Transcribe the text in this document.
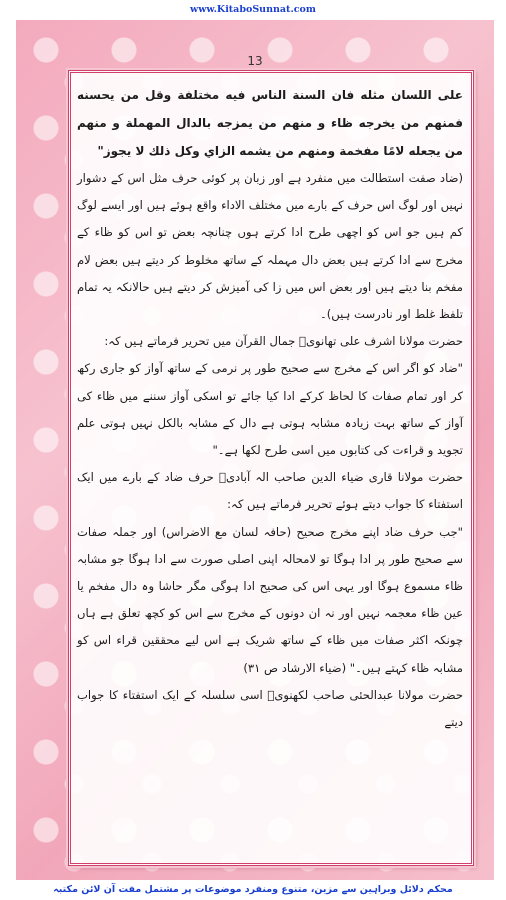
www.KitaboSunnat.com
13

على اللسان مثله فان السنة الناس فيه مختلفة وقل من يحسنه فمنهم من يخرجه ظاء و منهم من يمزجه بالدال المهملة و منهم من يجعله لامًا مفخمة ومنهم من يشمه الزاي وكل ذلك لا يجوز"

(ضاد صفت استطالت میں منفرد ہے اور زبان پر کوئی حرف مثل اس کے دشوار نہیں اور لوگ اس حرف کے بارے میں مختلف الاداء واقع ہوئے ہیں اور ایسے لوگ کم ہیں جو اس کو اچھی طرح ادا کرتے ہوں چنانچہ بعض تو اس کو ظاء کے مخرج سے ادا کرتے ہیں بعض دال مہملہ کے ساتھ مخلوط کر دیتے ہیں بعض لام مفخم بنا دیتے ہیں اور بعض اس میں زا کی آمیزش کر دیتے ہیں حالانکہ یہ تمام تلفظ غلط اور نادرست ہیں)۔

حضرت مولانا اشرف علی تھانویؒ جمال القرآن میں تحریر فرماتے ہیں کہ:

"ضاد کو اگر اس کے مخرج سے صحیح طور پر نرمی کے ساتھ آواز کو جاری رکھ کر اور تمام صفات کا لحاظ کرکے ادا کیا جائے تو اسکی آواز سننے میں ظاء کی آواز کے ساتھ بہت زیادہ مشابہ ہوتی ہے دال کے مشابہ بالکل نہیں ہوتی علم تجوید و قراءت کی کتابوں میں اسی طرح لکھا ہے۔"

حضرت مولانا قاری ضیاء الدین صاحب الہ آبادیؒ حرف ضاد کے بارے میں ایک استفتاء کا جواب دیتے ہوئے تحریر فرماتے ہیں کہ:

"جب حرف ضاد اپنے مخرج صحیح (حافہ لسان مع الاضراس) اور جملہ صفات سے صحیح طور پر ادا ہوگا تو لامحالہ اپنی اصلی صورت سے ادا ہوگا جو مشابہ ظاء مسموع ہوگا اور یہی اس کی صحیح ادا ہوگی مگر حاشا وہ دال مفخم یا عین ظاء معجمہ نہیں اور نہ ان دونوں کے مخرج سے اس کو کچھ تعلق ہے ہاں چونکہ اکثر صفات میں ظاء کے ساتھ شریک ہے اس لیے محققین قراء اس کو مشابہ ظاء کہتے ہیں۔" (ضیاء الارشاد ص ۳۱)

حضرت مولانا عبدالحئی صاحب لکھنویؒ اسی سلسلہ کے ایک استفتاء کا جواب دیتے

محکم دلائل وبراہین سے مزین، متنوع ومنفرد موضوعات پر مشتمل مفت آن لائن مکتبہ
